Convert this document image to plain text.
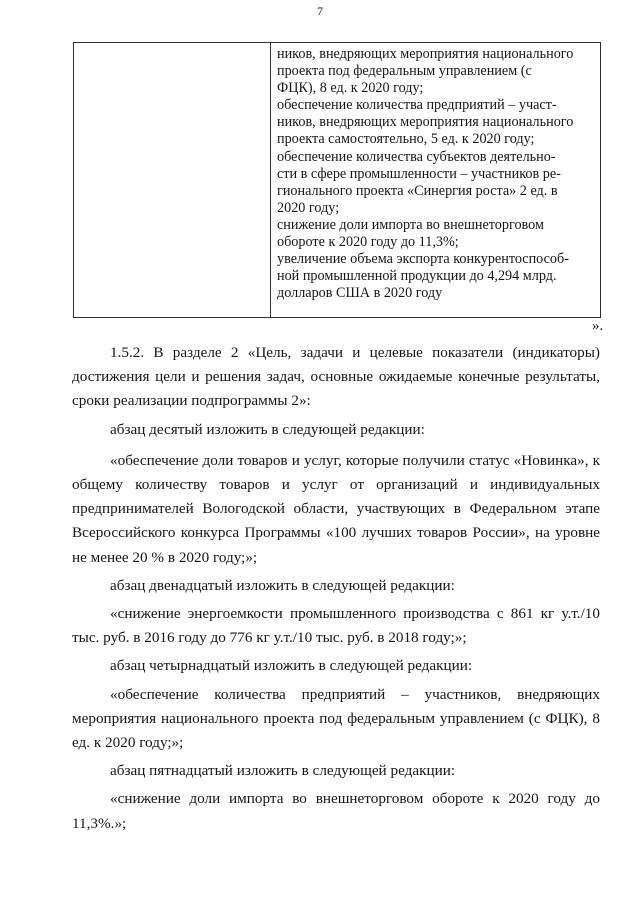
7

ников, внедряющих мероприятия национального
проекта под федеральным управлением (с
ФЦК), 8 ед. к 2020 году;
обеспечение количества предприятий – участ-
ников, внедряющих мероприятия национального
проекта самостоятельно, 5 ед. к 2020 году;
обеспечение количества субъектов деятельно-
сти в сфере промышленности – участников ре-
гионального проекта «Синергия роста» 2 ед. в
2020 году;
снижение доли импорта во внешнеторговом
обороте к 2020 году до 11,3%;
увеличение объема экспорта конкурентоспособ-
ной промышленной продукции до 4,294 млрд.
долларов США в 2020 году
».
1.5.2. В разделе 2 «Цель, задачи и целевые показатели (индикаторы) достижения цели и решения задач, основные ожидаемые конечные результаты, сроки реализации подпрограммы 2»:
абзац десятый изложить в следующей редакции:
«обеспечение доли товаров и услуг, которые получили статус «Новинка», к общему количеству товаров и услуг от организаций и индивидуальных предпринимателей Вологодской области, участвующих в Федеральном этапе Всероссийского конкурса Программы «100 лучших товаров России», на уровне не менее 20 % в 2020 году;»;
абзац двенадцатый изложить в следующей редакции:
«снижение энергоемкости промышленного производства с 861 кг у.т./10 тыс. руб. в 2016 году до 776 кг у.т./10 тыс. руб. в 2018 году;»;
абзац четырнадцатый изложить в следующей редакции:
«обеспечение количества предприятий – участников, внедряющих мероприятия национального проекта под федеральным управлением (с ФЦК), 8 ед. к 2020 году;»;
абзац пятнадцатый изложить в следующей редакции:
«снижение доли импорта во внешнеторговом обороте к 2020 году до 11,3%.»;
